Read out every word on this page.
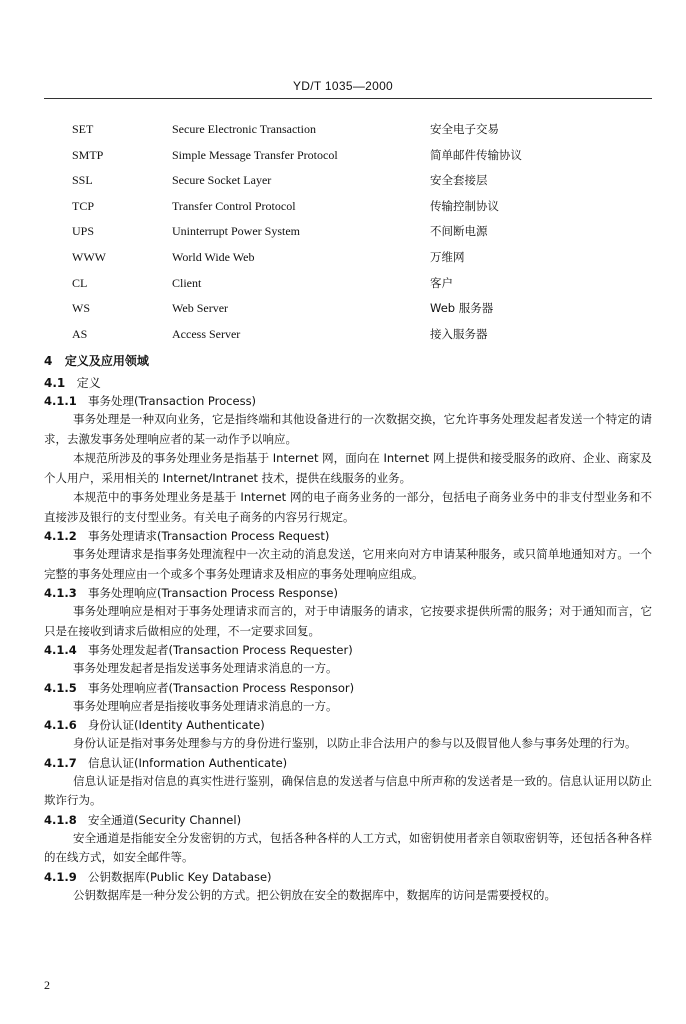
YD/T 1035—2000
SET	Secure Electronic Transaction	安全电子交易
SMTP	Simple Message Transfer Protocol	简单邮件传输协议
SSL	Secure Socket Layer	安全套接层
TCP	Transfer Control Protocol	传输控制协议
UPS	Uninterrupt Power System	不间断电源
WWW	World Wide Web	万维网
CL	Client	客户
WS	Web Server	Web 服务器
AS	Access Server	接入服务器
4 定义及应用领域
4.1 定义
4.1.1 事务处理(Transaction Process)

事务处理是一种双向业务，它是指终端和其他设备进行的一次数据交换，它允许事务处理发起者发送一个特定的请求，去激发事务处理响应者的某一动作予以响应。

本规范所涉及的事务处理业务是指基于 Internet 网，面向在 Internet 网上提供和接受服务的政府、企业、商家及个人用户，采用相关的 Internet/Intranet 技术，提供在线服务的业务。

本规范中的事务处理业务是基于 Internet 网的电子商务业务的一部分，包括电子商务业务中的非支付型业务和不直接涉及银行的支付型业务。有关电子商务的内容另行规定。

4.1.2 事务处理请求(Transaction Process Request)

事务处理请求是指事务处理流程中一次主动的消息发送，它用来向对方申请某种服务，或只简单地通知对方。一个完整的事务处理应由一个或多个事务处理请求及相应的事务处理响应组成。

4.1.3 事务处理响应(Transaction Process Response)

事务处理响应是相对于事务处理请求而言的，对于申请服务的请求，它按要求提供所需的服务；对于通知而言，它只是在接收到请求后做相应的处理，不一定要求回复。

4.1.4 事务处理发起者(Transaction Process Requester)

事务处理发起者是指发送事务处理请求消息的一方。

4.1.5 事务处理响应者(Transaction Process Responsor)

事务处理响应者是指接收事务处理请求消息的一方。

4.1.6 身份认证(Identity Authenticate)

身份认证是指对事务处理参与方的身份进行鉴别，以防止非合法用户的参与以及假冒他人参与事务处理的行为。

4.1.7 信息认证(Information Authenticate)

信息认证是指对信息的真实性进行鉴别，确保信息的发送者与信息中所声称的发送者是一致的。信息认证用以防止欺诈行为。

4.1.8 安全通道(Security Channel)

安全通道是指能安全分发密钥的方式，包括各种各样的人工方式，如密钥使用者亲自领取密钥等，还包括各种各样的在线方式，如安全邮件等。

4.1.9 公钥数据库(Public Key Database)

公钥数据库是一种分发公钥的方式。把公钥放在安全的数据库中，数据库的访问是需要授权的。

2
